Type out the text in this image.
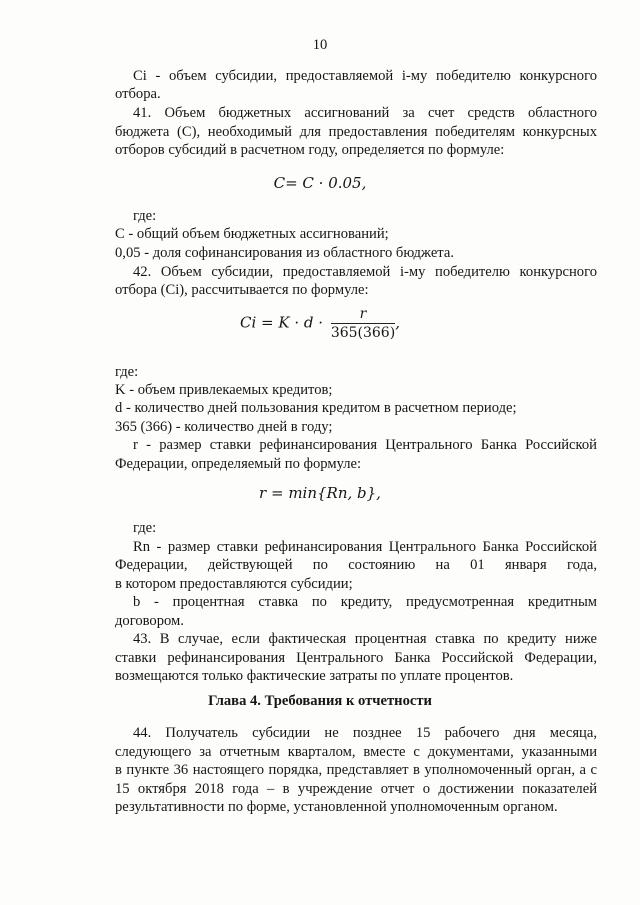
10
Ci - объем субсидии, предоставляемой i-му победителю конкурсного
отбора.
41. Объем бюджетных ассигнований за счет средств областного
бюджета (С), необходимый для предоставления победителям конкурсных
отборов субсидий в расчетном году, определяется по формуле:
C= C · 0.05,
где:
С - общий объем бюджетных ассигнований;
0,05 - доля софинансирования из областного бюджета.
42. Объем субсидии, предоставляемой i-му победителю конкурсного
отбора (Ci), рассчитывается по формуле:
$Ci = K \cdot d \cdot \frac{r}{365(366)}$ ,
где:
K - объем привлекаемых кредитов;
d - количество дней пользования кредитом в расчетном периоде;
365 (366) - количество дней в году;
r - размер ставки рефинансирования Центрального Банка Российской
Федерации, определяемый по формуле:
r = min{Rn, b},
где:
Rn - размер ставки рефинансирования Центрального Банка Российской
Федерации, действующей по состоянию на 01 января года,
в котором предоставляются субсидии;
b - процентная ставка по кредиту, предусмотренная кредитным
договором.
43. В случае, если фактическая процентная ставка по кредиту ниже
ставки рефинансирования Центрального Банка Российской Федерации,
возмещаются только фактические затраты по уплате процентов.
Глава 4. Требования к отчетности
44. Получатель субсидии не позднее 15 рабочего дня месяца,
следующего за отчетным кварталом, вместе с документами, указанными
в пункте 36 настоящего порядка, представляет в уполномоченный орган, а с
15 октября 2018 года – в учреждение отчет о достижении показателей
результативности по форме, установленной уполномоченным органом.
